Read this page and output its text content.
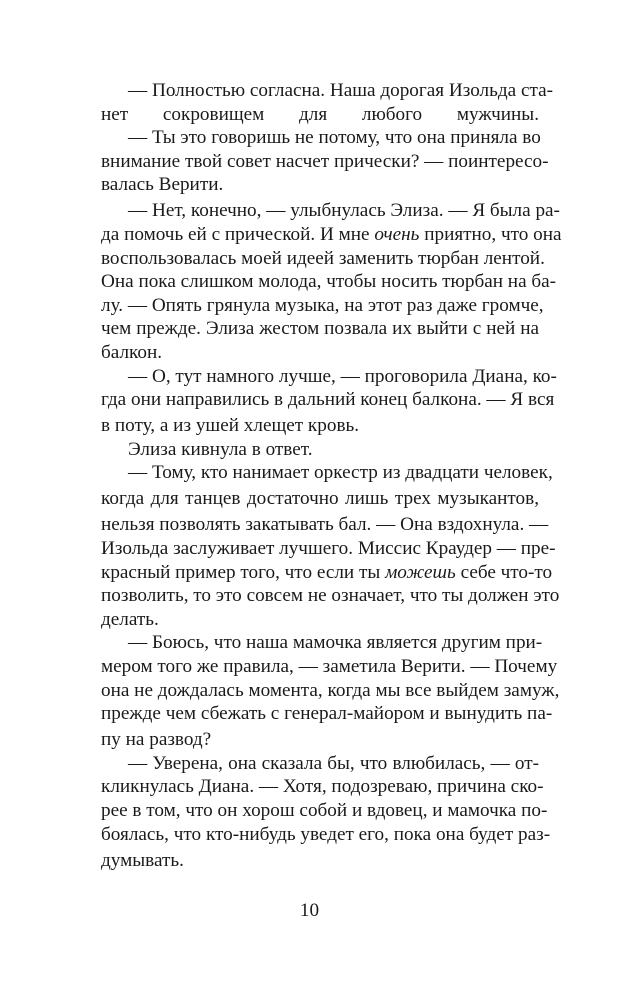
— Полностью согласна. Наша дорогая Изольда ста-
нет сокровищем для любого мужчины.
— Ты это говоришь не потому, что она приняла во
внимание твой совет насчет прически? — поинтересо-
валась Верити.
— Нет, конечно, — улыбнулась Элиза. — Я была ра-
да помочь ей с прической. И мне очень приятно, что она
воспользовалась моей идеей заменить тюрбан лентой.
Она пока слишком молода, чтобы носить тюрбан на ба-
лу. — Опять грянула музыка, на этот раз даже громче,
чем прежде. Элиза жестом позвала их выйти с ней на
балкон.
— О, тут намного лучше, — проговорила Диана, ко-
гда они направились в дальний конец балкона. — Я вся
в поту, а из ушей хлещет кровь.
Элиза кивнула в ответ.
— Тому, кто нанимает оркестр из двадцати человек,
когда для танцев достаточно лишь трех музыкантов,
нельзя позволять закатывать бал. — Она вздохнула. —
Изольда заслуживает лучшего. Миссис Краудер — пре-
красный пример того, что если ты можешь себе что-то
позволить, то это совсем не означает, что ты должен это
делать.
— Боюсь, что наша мамочка является другим при-
мером того же правила, — заметила Верити. — Почему
она не дождалась момента, когда мы все выйдем замуж,
прежде чем сбежать с генерал-майором и вынудить па-
пу на развод?
— Уверена, она сказала бы, что влюбилась, — от-
кликнулась Диана. — Хотя, подозреваю, причина ско-
рее в том, что он хорош собой и вдовец, и мамочка по-
боялась, что кто-нибудь уведет его, пока она будет раз-
думывать.
10
